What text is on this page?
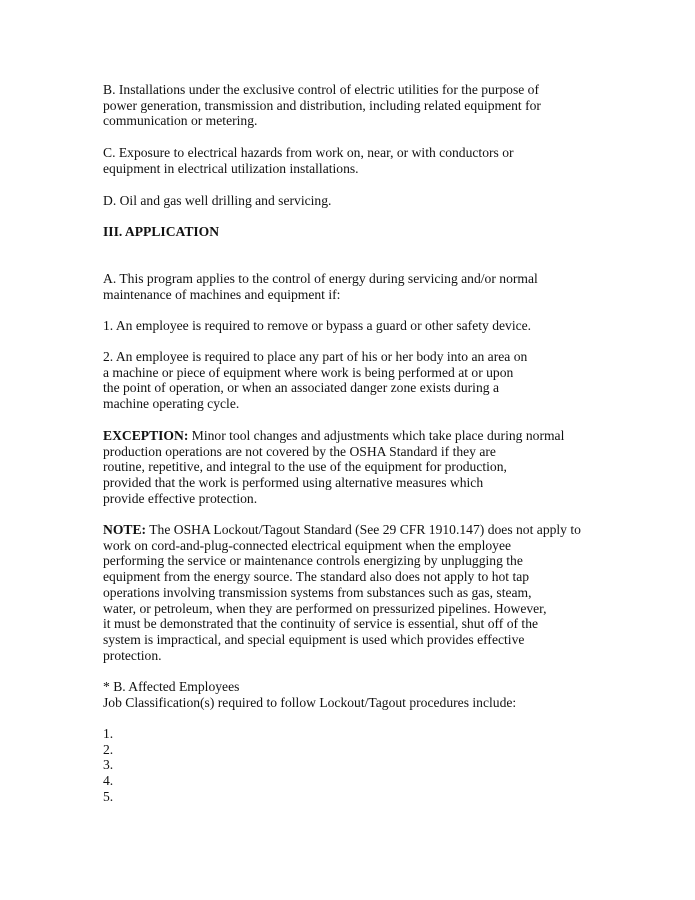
B. Installations under the exclusive control of electric utilities for the purpose of
power generation, transmission and distribution, including related equipment for
communication or metering.

C. Exposure to electrical hazards from work on, near, or with conductors or
equipment in electrical utilization installations.

D. Oil and gas well drilling and servicing.

III. APPLICATION

A. This program applies to the control of energy during servicing and/or normal
maintenance of machines and equipment if:

1. An employee is required to remove or bypass a guard or other safety device.

2. An employee is required to place any part of his or her body into an area on
a machine or piece of equipment where work is being performed at or upon
the point of operation, or when an associated danger zone exists during a
machine operating cycle.

EXCEPTION: Minor tool changes and adjustments which take place during normal
production operations are not covered by the OSHA Standard if they are
routine, repetitive, and integral to the use of the equipment for production,
provided that the work is performed using alternative measures which
provide effective protection.

NOTE: The OSHA Lockout/Tagout Standard (See 29 CFR 1910.147) does not apply to
work on cord-and-plug-connected electrical equipment when the employee
performing the service or maintenance controls energizing by unplugging the
equipment from the energy source. The standard also does not apply to hot tap
operations involving transmission systems from substances such as gas, steam,
water, or petroleum, when they are performed on pressurized pipelines. However,
it must be demonstrated that the continuity of service is essential, shut off of the
system is impractical, and special equipment is used which provides effective
protection.

* B. Affected Employees
Job Classification(s) required to follow Lockout/Tagout procedures include:

1.
2.
3.
4.
5.
